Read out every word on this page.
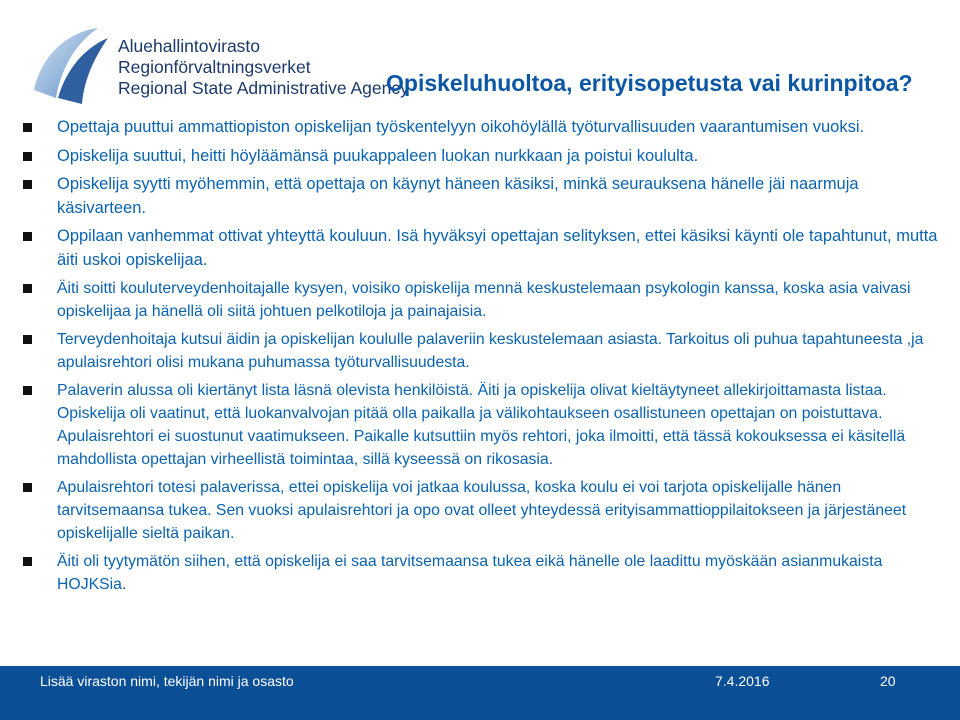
Aluehallintovirasto
Regionförvaltningsverket
Regional State Administrative Agency
Opiskeluhuoltoa, erityisopetusta vai kurinpitoa?
Opettaja puuttui ammattiopiston opiskelijan työskentelyyn oikohöylällä työturvallisuuden vaarantumisen vuoksi.
Opiskelija suuttui, heitti höyläämänsä puukappaleen luokan nurkkaan ja poistui koululta.
Opiskelija syytti myöhemmin, että opettaja on käynyt häneen käsiksi, minkä seurauksena hänelle jäi naarmuja käsivarteen.
Oppilaan vanhemmat ottivat yhteyttä kouluun. Isä hyväksyi opettajan selityksen, ettei käsiksi käynti ole tapahtunut, mutta äiti uskoi opiskelijaa.
Äiti soitti kouluterveydenhoitajalle kysyen, voisiko opiskelija mennä keskustelemaan psykologin kanssa, koska asia vaivasi opiskelijaa ja hänellä oli siitä johtuen pelkotiloja ja painajaisia.
Terveydenhoitaja kutsui äidin ja opiskelijan koululle palaveriin keskustelemaan asiasta. Tarkoitus oli puhua tapahtuneesta ,ja apulaisrehtori olisi mukana puhumassa työturvallisuudesta.
Palaverin alussa oli kiertänyt lista läsnä olevista henkilöistä. Äiti ja opiskelija olivat kieltäytyneet allekirjoittamasta listaa. Opiskelija oli vaatinut, että luokanvalvojan pitää olla paikalla ja välikohtaukseen osallistuneen opettajan on poistuttava. Apulaisrehtori ei suostunut vaatimukseen. Paikalle kutsuttiin myös rehtori, joka ilmoitti, että tässä kokouksessa ei käsitellä mahdollista opettajan virheellistä toimintaa, sillä kyseessä on rikosasia.
Apulaisrehtori totesi palaverissa, ettei opiskelija voi jatkaa koulussa, koska koulu ei voi tarjota opiskelijalle hänen tarvitsemaansa tukea. Sen vuoksi apulaisrehtori ja opo ovat olleet yhteydessä erityisammattioppilaitokseen ja järjestäneet opiskelijalle sieltä paikan.
Äiti oli tyytymätön siihen, että opiskelija ei saa tarvitsemaansa tukea eikä hänelle ole laadittu myöskään asianmukaista HOJKSia.
Lisää viraston nimi, tekijän nimi ja osasto	7.4.2016	20
